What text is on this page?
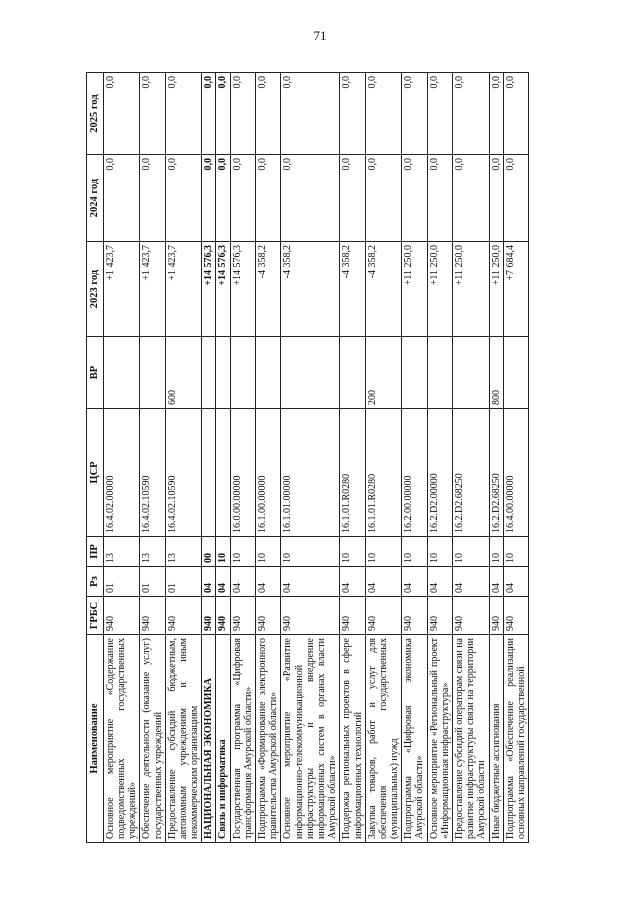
71
Наименование	ГРБС	Рз	ПР	ЦСР	ВР	2023 год	2024 год	2025 год
Основное мероприятие «Содержание подведомственных государственных учреждений»	940	01	13	16.4.02.00000		+1 423,7	0,0	0,0
Обеспечение деятельности (оказание услуг) государственных учреждений	940	01	13	16.4.02.10590		+1 423,7	0,0	0,0
Предоставление субсидий бюджетным, автономным учреждениям и иным некоммерческим организациям	940	01	13	16.4.02.10590	600	+1 423,7	0,0	0,0
НАЦИОНАЛЬНАЯ ЭКОНОМИКА	940	04	00			+14 576,3	0,0	0,0
Связь и информатика	940	04	10			+14 576,3	0,0	0,0
Государственная программа «Цифровая трансформация Амурской области»	940	04	10	16.0.00.00000		+14 576,3	0,0	0,0
Подпрограмма «Формирование электронного правительства Амурской области»	940	04	10	16.1.00.00000		-4 358,2	0,0	0,0
Основное мероприятие «Развитие информационно-телекоммуникационной инфраструктуры и внедрение информационных систем в органах власти Амурской области»	940	04	10	16.1.01.00000		-4 358,2	0,0	0,0
Поддержка региональных проектов в сфере информационных технологий	940	04	10	16.1.01.R0280		-4 358,2	0,0	0,0
Закупка товаров, работ и услуг для обеспечения государственных (муниципальных) нужд	940	04	10	16.1.01.R0280	200	-4 358,2	0,0	0,0
Подпрограмма «Цифровая экономика Амурской области»	940	04	10	16.2.00.00000		+11 250,0	0,0	0,0
Основное мероприятие «Региональный проект «Информационная инфраструктура»	940	04	10	16.2.D2.00000		+11 250,0	0,0	0,0
Предоставление субсидий операторам связи на развитие инфраструктуры связи на территории Амурской области	940	04	10	16.2.D2.68250		+11 250,0	0,0	0,0
Иные бюджетные ассигнования	940	04	10	16.2.D2.68250	800	+11 250,0	0,0	0,0
Подпрограмма «Обеспечение реализации основных направлений государственной	940	04	10	16.4.00.00000		+7 684,4	0,0	0,0
